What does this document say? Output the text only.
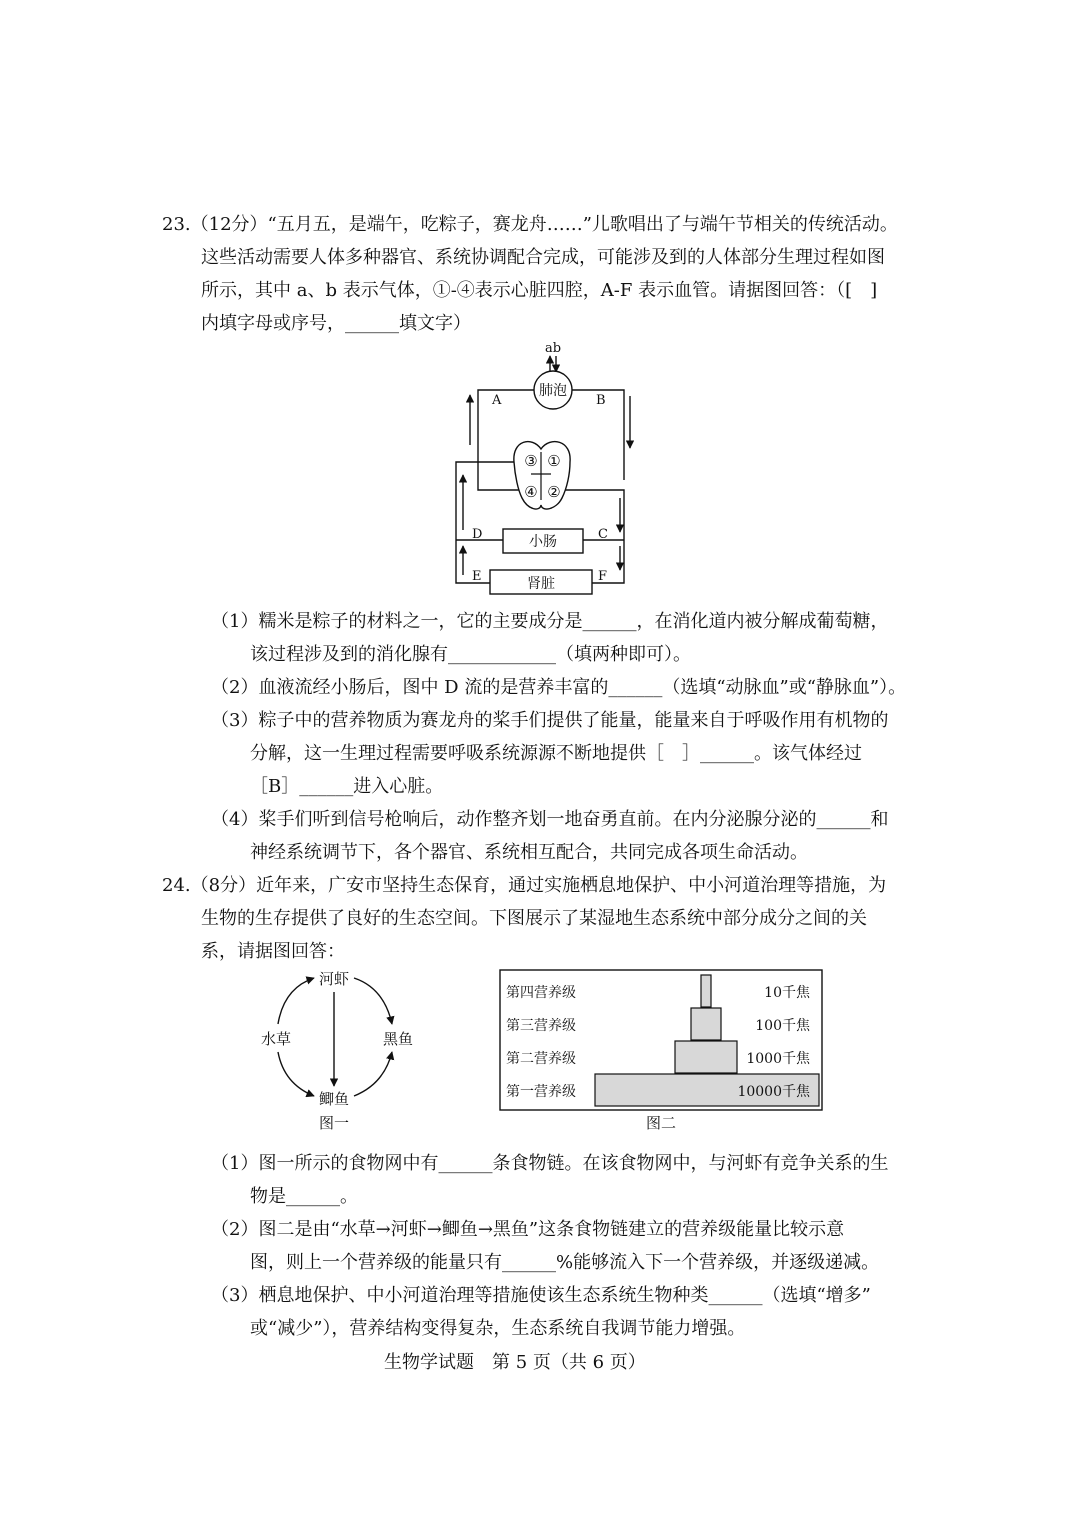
23.（12分）“五月五，是端午，吃粽子，赛龙舟……”儿歌唱出了与端午节相关的传统活动。
这些活动需要人体多种器官、系统协调配合完成，可能涉及到的人体部分生理过程如图
所示，其中 a、b 表示气体，①-④表示心脏四腔，A-F 表示血管。请据图回答：（[　]
内填字母或序号，______填文字）
ab
肺泡
③ ①
④ ②
小肠
肾脏
A	B
C
D
E	F
（1）糯米是粽子的材料之一，它的主要成分是______，在消化道内被分解成葡萄糖，
该过程涉及到的消化腺有____________（填两种即可）。
（2）血液流经小肠后，图中 D 流的是营养丰富的______（选填“动脉血”或“静脉血”）。
（3）粽子中的营养物质为赛龙舟的桨手们提供了能量，能量来自于呼吸作用有机物的
分解，这一生理过程需要呼吸系统源源不断地提供［　］______。该气体经过
［B］______进入心脏。
（4）桨手们听到信号枪响后，动作整齐划一地奋勇直前。在内分泌腺分泌的______和
神经系统调节下，各个器官、系统相互配合，共同完成各项生命活动。
24.（8分）近年来，广安市坚持生态保育，通过实施栖息地保护、中小河道治理等措施，为
生物的生存提供了良好的生态空间。下图展示了某湿地生态系统中部分成分之间的关
系，请据图回答：
河虾
水草	黑鱼
鲫鱼
图一
第四营养级	10千焦
第三营养级	100千焦
第二营养级	1000千焦
第一营养级	10000千焦
图二
（1）图一所示的食物网中有______条食物链。在该食物网中，与河虾有竞争关系的生
物是______。
（2）图二是由“水草→河虾→鲫鱼→黑鱼”这条食物链建立的营养级能量比较示意
图，则上一个营养级的能量只有______%能够流入下一个营养级，并逐级递减。
（3）栖息地保护、中小河道治理等措施使该生态系统生物种类______（选填“增多”
或“减少”），营养结构变得复杂，生态系统自我调节能力增强。
生物学试题　第 5 页（共 6 页）
